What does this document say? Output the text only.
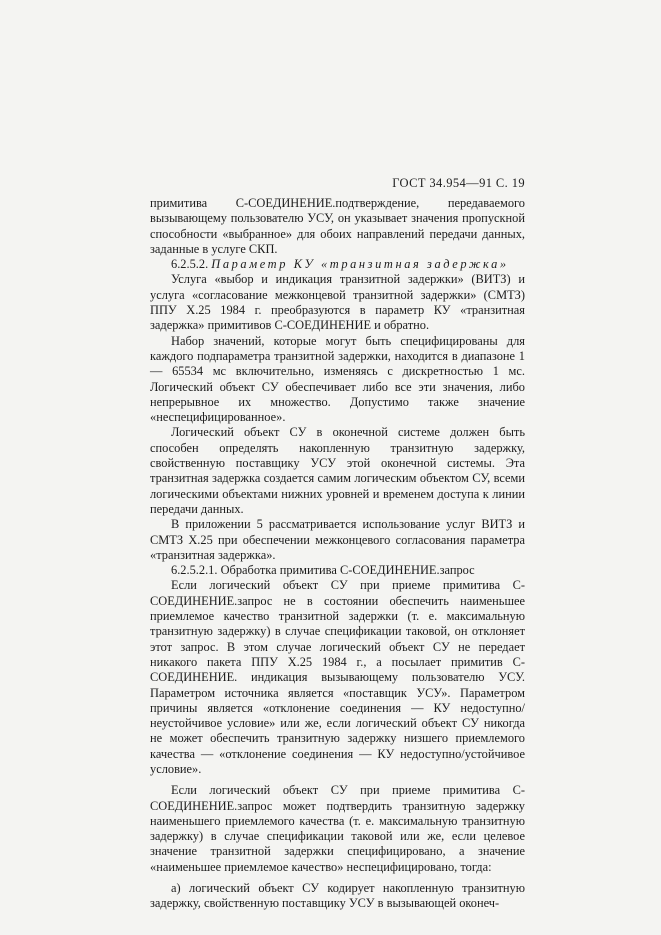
ГОСТ 34.954—91 С. 19

примитива С-СОЕДИНЕНИЕ.подтверждение, передаваемого вызывающему пользователю УСУ, он указывает значения пропускной способности «выбранное» для обоих направлений передачи данных, заданные в услуге СКП.

6.2.5.2. Параметр КУ «транзитная задержка»

Услуга «выбор и индикация транзитной задержки» (ВИТЗ) и услуга «согласование межконцевой транзитной задержки» (СМТЗ) ППУ Х.25 1984 г. преобразуются в параметр КУ «транзитная задержка» примитивов С-СОЕДИНЕНИЕ и обратно.

Набор значений, которые могут быть специфицированы для каждого подпараметра транзитной задержки, находится в диапазоне 1 — 65534 мс включительно, изменяясь с дискретностью 1 мс. Логический объект СУ обеспечивает либо все эти значения, либо непрерывное их множество. Допустимо также значение «неспецифицированное».

Логический объект СУ в оконечной системе должен быть способен определять накопленную транзитную задержку, свойственную поставщику УСУ этой оконечной системы. Эта транзитная задержка создается самим логическим объектом СУ, всеми логическими объектами нижних уровней и временем доступа к линии передачи данных.

В приложении 5 рассматривается использование услуг ВИТЗ и СМТЗ Х.25 при обеспечении межконцевого согласования параметра «транзитная задержка».

6.2.5.2.1. Обработка примитива С-СОЕДИНЕНИЕ.запрос

Если логический объект СУ при приеме примитива С-СОЕДИНЕНИЕ.запрос не в состоянии обеспечить наименьшее приемлемое качество транзитной задержки (т. е. максимальную транзитную задержку) в случае спецификации таковой, он отклоняет этот запрос. В этом случае логический объект СУ не передает никакого пакета ППУ Х.25 1984 г., а посылает примитив С-СОЕДИНЕНИЕ. индикация вызывающему пользователю УСУ. Параметром источника является «поставщик УСУ». Параметром причины является «отклонение соединения — КУ недоступно/неустойчивое условие» или же, если логический объект СУ никогда не может обеспечить транзитную задержку низшего приемлемого качества — «отклонение соединения — КУ недоступно/устойчивое условие».

Если логический объект СУ при приеме примитива С-СОЕДИНЕНИЕ.запрос может подтвердить транзитную задержку наименьшего приемлемого качества (т. е. максимальную транзитную задержку) в случае спецификации таковой или же, если целевое значение транзитной задержки специфицировано, а значение «наименьшее приемлемое качество» неспецифицировано, тогда:

а) логический объект СУ кодирует накопленную транзитную задержку, свойственную поставщику УСУ в вызывающей оконеч-
